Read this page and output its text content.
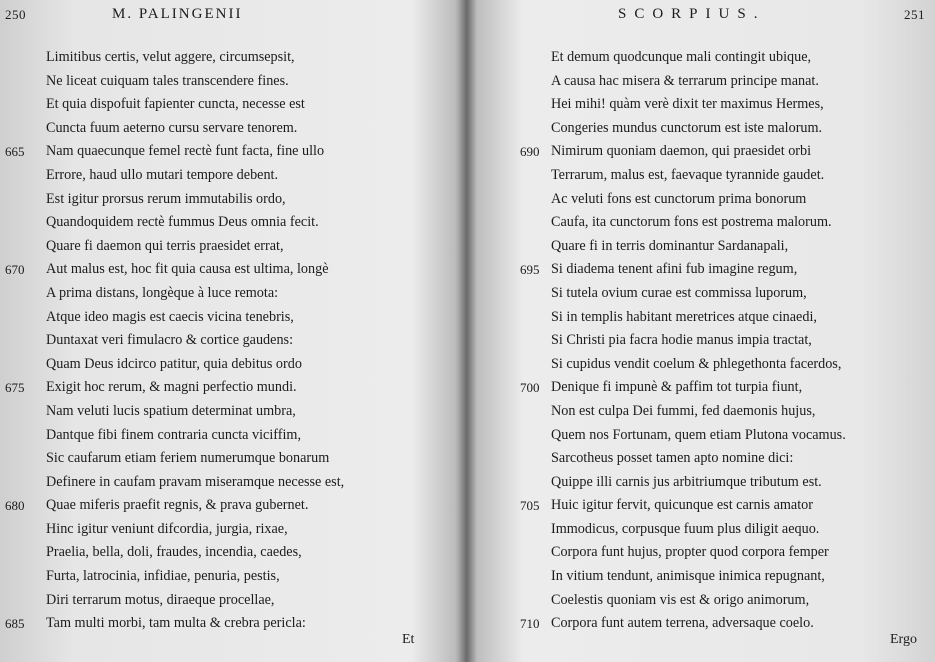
250	M. PALINGENII
Limitibus certis, velut aggere, circumsepsit,
Ne liceat cuiquam tales transcendere fines.
Et quia dispofuit fapienter cuncta, necesse est
Cuncta fuum aeterno cursu servare tenorem.
665 Nam quaecunque femel rectè funt facta, fine ullo
Errore, haud ullo mutari tempore debent.
Est igitur prorsus rerum immutabilis ordo,
Quandoquidem rectè fummus Deus omnia fecit.
Quare fi daemon qui terris praesidet errat,
670 Aut malus est, hoc fit quia causa est ultima, longè
A prima distans, longèque à luce remota:
Atque ideo magis est caecis vicina tenebris,
Duntaxat veri fimulacro & cortice gaudens:
Quam Deus idcirco patitur, quia debitus ordo
675 Exigit hoc rerum, & magni perfectio mundi.
Nam veluti lucis spatium determinat umbra,
Dantque fibi finem contraria cuncta viciffim,
Sic caufarum etiam feriem numerumque bonarum
Definere in caufam pravam miseramque necesse est,
680 Quae miferis praefit regnis, & prava gubernet.
Hinc igitur veniunt difcordia, jurgia, rixae,
Praelia, bella, doli, fraudes, incendia, caedes,
Furta, latrocinia, infidiae, penuria, pestis,
Diri terrarum motus, diraeque procellae,
685 Tam multi morbi, tam multa & crebra pericla:
Et
251
SCORPIUS.
Et demum quodcunque mali contingit ubique,
A causa hac misera & terrarum principe manat.
Hei mihi! quàm verè dixit ter maximus Hermes,
Congeries mundus cunctorum est iste malorum.
690 Nimirum quoniam daemon, qui praesidet orbi
Terrarum, malus est, faevaque tyrannide gaudet.
Ac veluti fons est cunctorum prima bonorum
Caufa, ita cunctorum fons est postrema malorum.
Quare fi in terris dominantur Sardanapali,
695 Si diadema tenent afini fub imagine regum,
Si tutela ovium curae est commissa luporum,
Si in templis habitant meretrices atque cinaedi,
Si Christi pia facra hodie manus impia tractat,
Si cupidus vendit coelum & phlegethonta facerdos,
700 Denique fi impunè & paffim tot turpia fiunt,
Non est culpa Dei fummi, fed daemonis hujus,
Quem nos Fortunam, quem etiam Plutona vocamus.
Sarcotheus posset tamen apto nomine dici:
Quippe illi carnis jus arbitriumque tributum est.
705 Huic igitur fervit, quicunque est carnis amator
Immodicus, corpusque fuum plus diligit aequo.
Corpora funt hujus, propter quod corpora femper
In vitium tendunt, animisque inimica repugnant,
Coelestis quoniam vis est & origo animorum,
710 Corpora funt autem terrena, adversaque coelo.
Ergo
